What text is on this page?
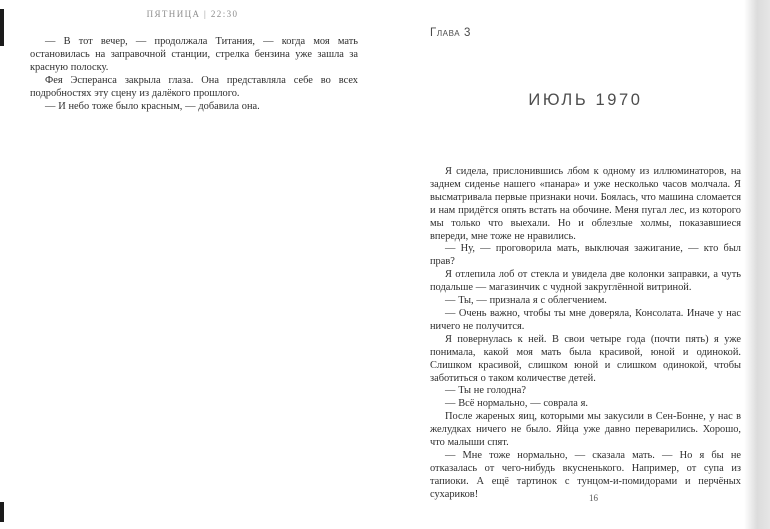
ПЯТНИЦА | 22:30

— В тот вечер, — продолжала Титания, — когда моя мать остановилась на заправочной станции, стрелка бензина уже зашла за красную полоску.

Фея Эсперанса закрыла глаза. Она представляла себе во всех подробностях эту сцену из далёкого прошлого.

— И небо тоже было красным, — добавила она.

Глава 3
ИЮЛЬ 1970

Я сидела, прислонившись лбом к одному из иллюминаторов, на заднем сиденье нашего «панара» и уже несколько часов молчала. Я высматривала первые признаки ночи. Боялась, что машина сломается и нам придётся опять встать на обочине. Меня пугал лес, из которого мы только что выехали. Но и облезлые холмы, показавшиеся впереди, мне тоже не нравились.

— Ну, — проговорила мать, выключая зажигание, — кто был прав?

Я отлепила лоб от стекла и увидела две колонки заправки, а чуть подальше — магазинчик с чудной закруглённой витриной.

— Ты, — признала я с облегчением.

— Очень важно, чтобы ты мне доверяла, Консолата. Иначе у нас ничего не получится.

Я повернулась к ней. В свои четыре года (почти пять) я уже понимала, какой моя мать была красивой, юной и одинокой. Слишком красивой, слишком юной и слишком одинокой, чтобы заботиться о таком количестве детей.

— Ты не голодна?

— Всё нормально, — соврала я.

После жареных яиц, которыми мы закусили в Сен-Бонне, у нас в желудках ничего не было. Яйца уже давно переварились. Хорошо, что малыши спят.

— Мне тоже нормально, — сказала мать. — Но я бы не отказалась от чего-нибудь вкусненького. Например, от супа из тапиоки. А ещё тартинок с тунцом-и-помидорами и перчёных сухариков!	16
